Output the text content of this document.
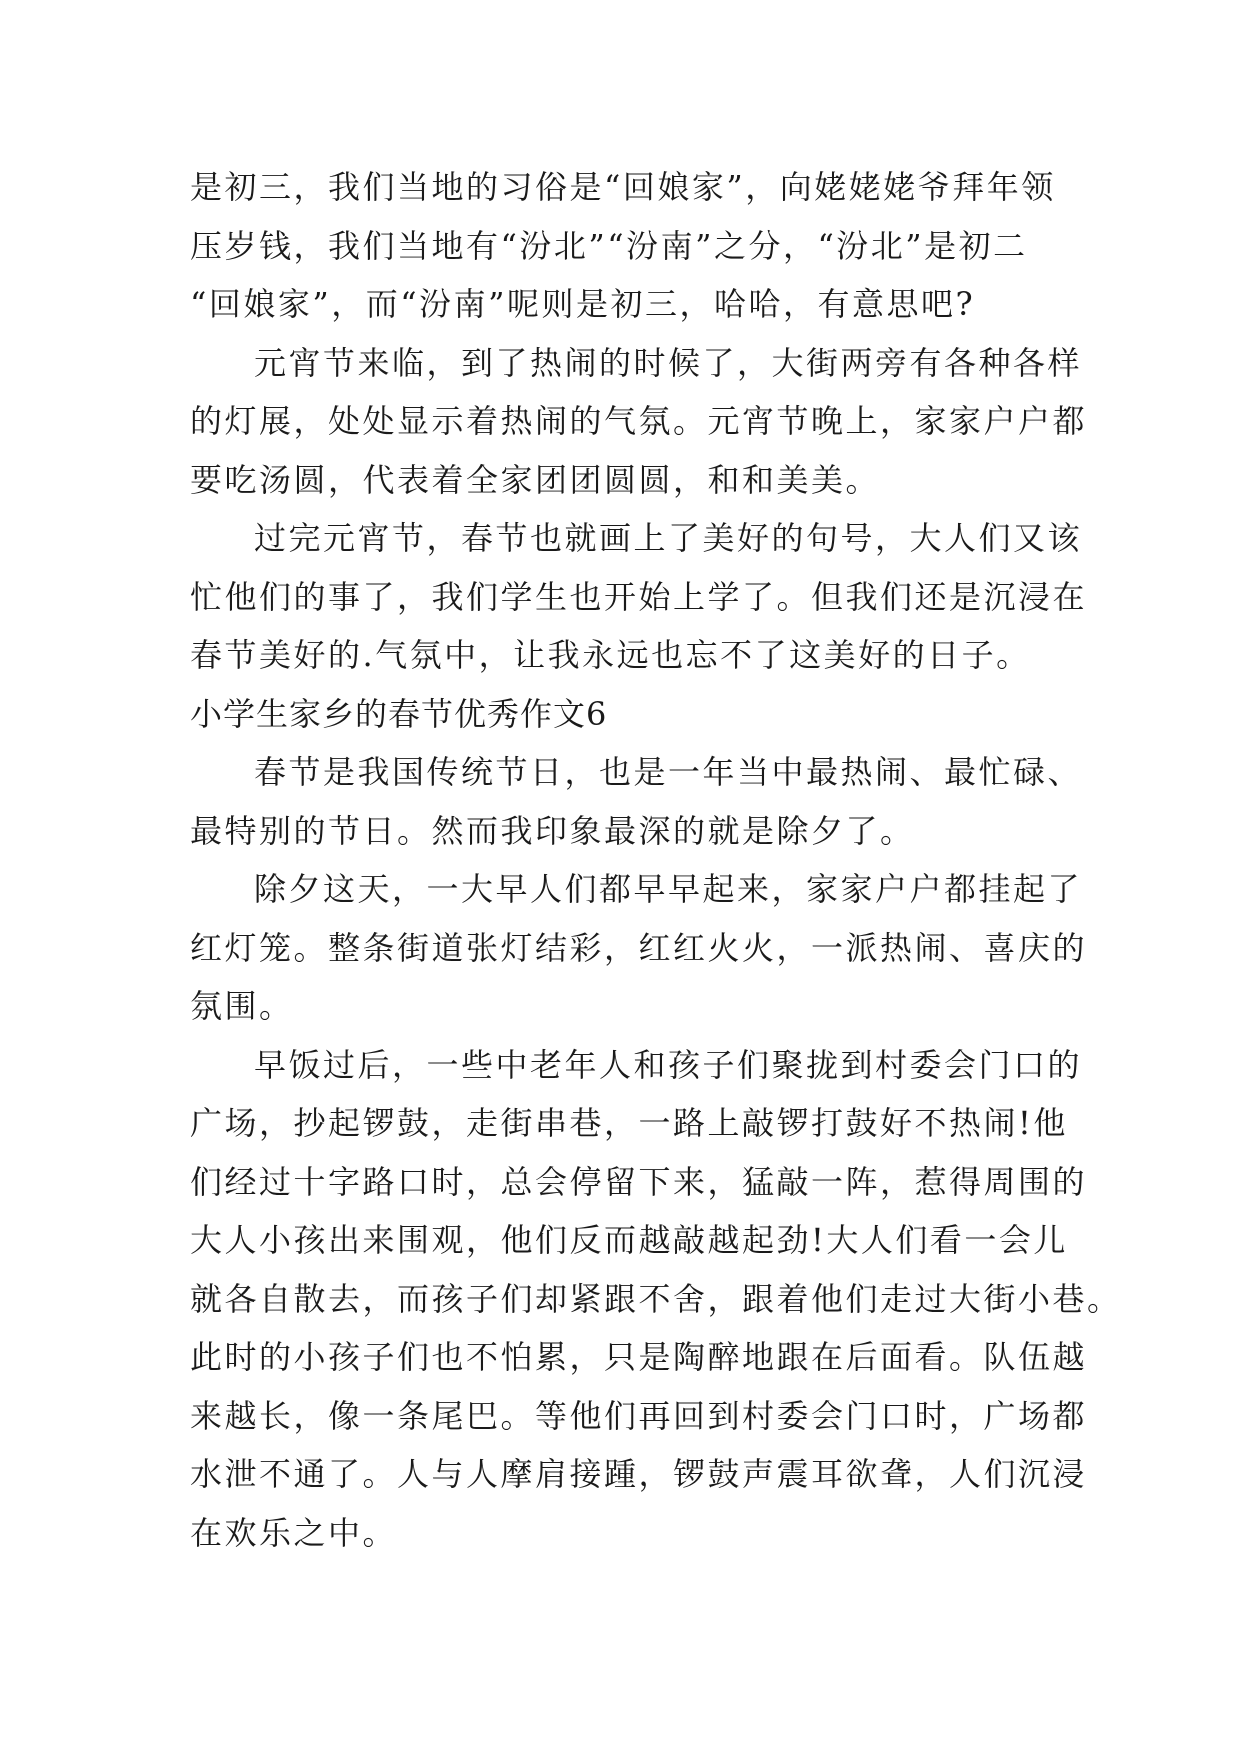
是初三，我们当地的习俗是“回娘家”，向姥姥姥爷拜年领
压岁钱，我们当地有“汾北”“汾南”之分，“汾北”是初二
“回娘家”，而“汾南”呢则是初三，哈哈，有意思吧?
元宵节来临，到了热闹的时候了，大街两旁有各种各样
的灯展，处处显示着热闹的气氛。元宵节晚上，家家户户都
要吃汤圆，代表着全家团团圆圆，和和美美。
过完元宵节，春节也就画上了美好的句号，大人们又该
忙他们的事了，我们学生也开始上学了。但我们还是沉浸在
春节美好的.气氛中，让我永远也忘不了这美好的日子。
小学生家乡的春节优秀作文6
春节是我国传统节日，也是一年当中最热闹、最忙碌、
最特别的节日。然而我印象最深的就是除夕了。
除夕这天，一大早人们都早早起来，家家户户都挂起了
红灯笼。整条街道张灯结彩，红红火火，一派热闹、喜庆的
氛围。
早饭过后，一些中老年人和孩子们聚拢到村委会门口的
广场，抄起锣鼓，走街串巷，一路上敲锣打鼓好不热闹!他
们经过十字路口时，总会停留下来，猛敲一阵，惹得周围的
大人小孩出来围观，他们反而越敲越起劲!大人们看一会儿
就各自散去，而孩子们却紧跟不舍，跟着他们走过大街小巷。
此时的小孩子们也不怕累，只是陶醉地跟在后面看。队伍越
来越长，像一条尾巴。等他们再回到村委会门口时，广场都
水泄不通了。人与人摩肩接踵，锣鼓声震耳欲聋，人们沉浸
在欢乐之中。
